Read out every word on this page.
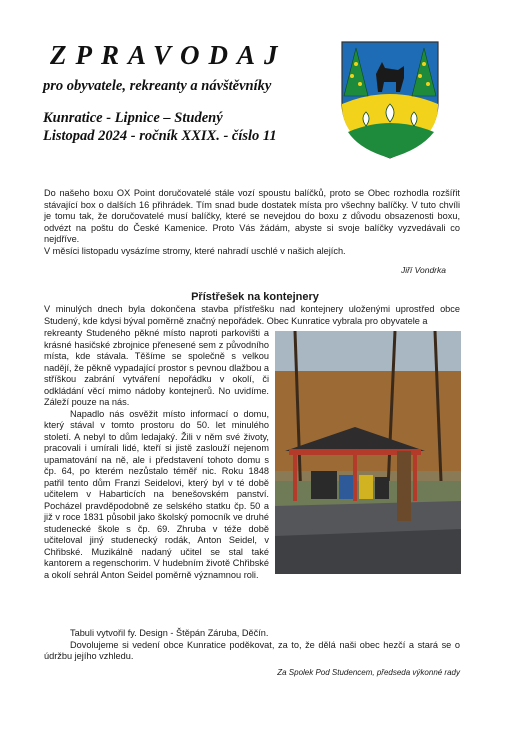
ZPRAVODAJ
pro obyvatele, rekreanty a návštěvníky
Kunratice - Lipnice – Studený
Listopad 2024 - ročník XXIX. - číslo 11
Do našeho boxu OX Point doručovatelé stále vozí spoustu balíčků, proto se Obec rozhodla rozšířit stávající box o dalších 16 přihrádek. Tím snad bude dostatek místa pro všechny balíčky. V tuto chvíli je tomu tak, že doručovatelé musí balíčky, které se nevejdou do boxu z důvodu obsazenosti boxu, odvézt na poštu do České Kamenice. Proto Vás žádám, abyste si svoje balíčky vyzvedávali co nejdříve.
V měsíci listopadu vysázíme stromy, které nahradí uschlé v našich alejích.
Jiří Vondrka
Přístřešek na kontejnery
V minulých dnech byla dokončena stavba přístřešku nad kontejnery uloženými uprostřed obce Studený, kde kdysi býval poměrně značný nepořádek. Obec Kunratice vybrala pro obyvatele a
rekreanty Studeného pěkné místo naproti parkovišti a krásné hasičské zbrojnice přenesené sem z původního místa, kde stávala. Těšíme se společně s velkou nadějí, že pěkně vypadající prostor s pevnou dlažbou a stříškou zabrání vytváření nepořádku v okolí, či odkládání věcí mimo nádoby kontejnerů. No uvidíme. Záleží pouze na nás.
Napadlo nás osvěžit místo informací o domu, který stával v tomto prostoru do 50. let minulého století. A nebyl to dům ledajaký. Žili v něm své životy, pracovali i umírali lidé, kteří si jistě zaslouží nejenom upamatování na ně, ale i představení tohoto domu s čp. 64, po kterém nezůstalo téměř nic. Roku 1848 patřil tento dům Franzi Seidelovi, který byl v té době učitelem v Habarticích na benešovském panství. Pocházel pravděpodobně ze selského statku čp. 50 a již v roce 1831 působil jako školský pomocník ve druhé studenecké škole s čp. 69. Zhruba v téže době učiteloval jiný studenecký rodák, Anton Seidel, v Chřibské. Muzikálně nadaný učitel se stal také kantorem a regenschorim. V hudebním životě Chřibské a okolí sehrál Anton Seidel poměrně významnou roli.
Tabuli vytvořil fy. Design - Štěpán Záruba, Děčín.
Dovolujeme si vedení obce Kunratice poděkovat, za to, že dělá naši obec hezčí a stará se o údržbu jejího vzhledu.
Za Spolek Pod Studencem, předseda výkonné rady
